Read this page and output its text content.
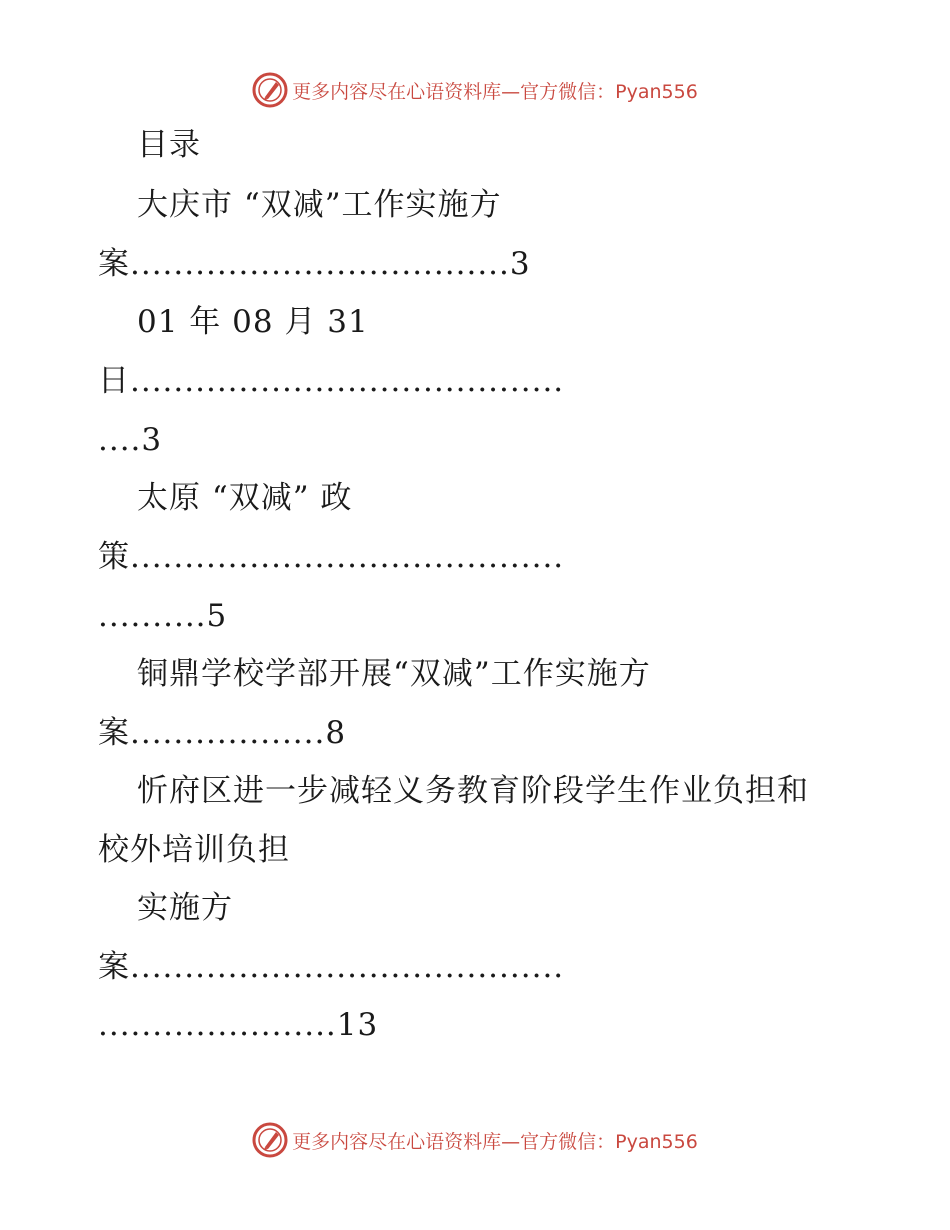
更多内容尽在心语资料库—官方微信：Pyan556
目录
大庆市 “双减”工作实施方
案...................................3
01 年 08 月 31
日........................................
....3
太原 “双减” 政
策........................................
..........5
铜鼎学校学部开展“双减”工作实施方
案..................8
忻府区进一步减轻义务教育阶段学生作业负担和
校外培训负担
实施方
案........................................
......................13
更多内容尽在心语资料库—官方微信：Pyan556
